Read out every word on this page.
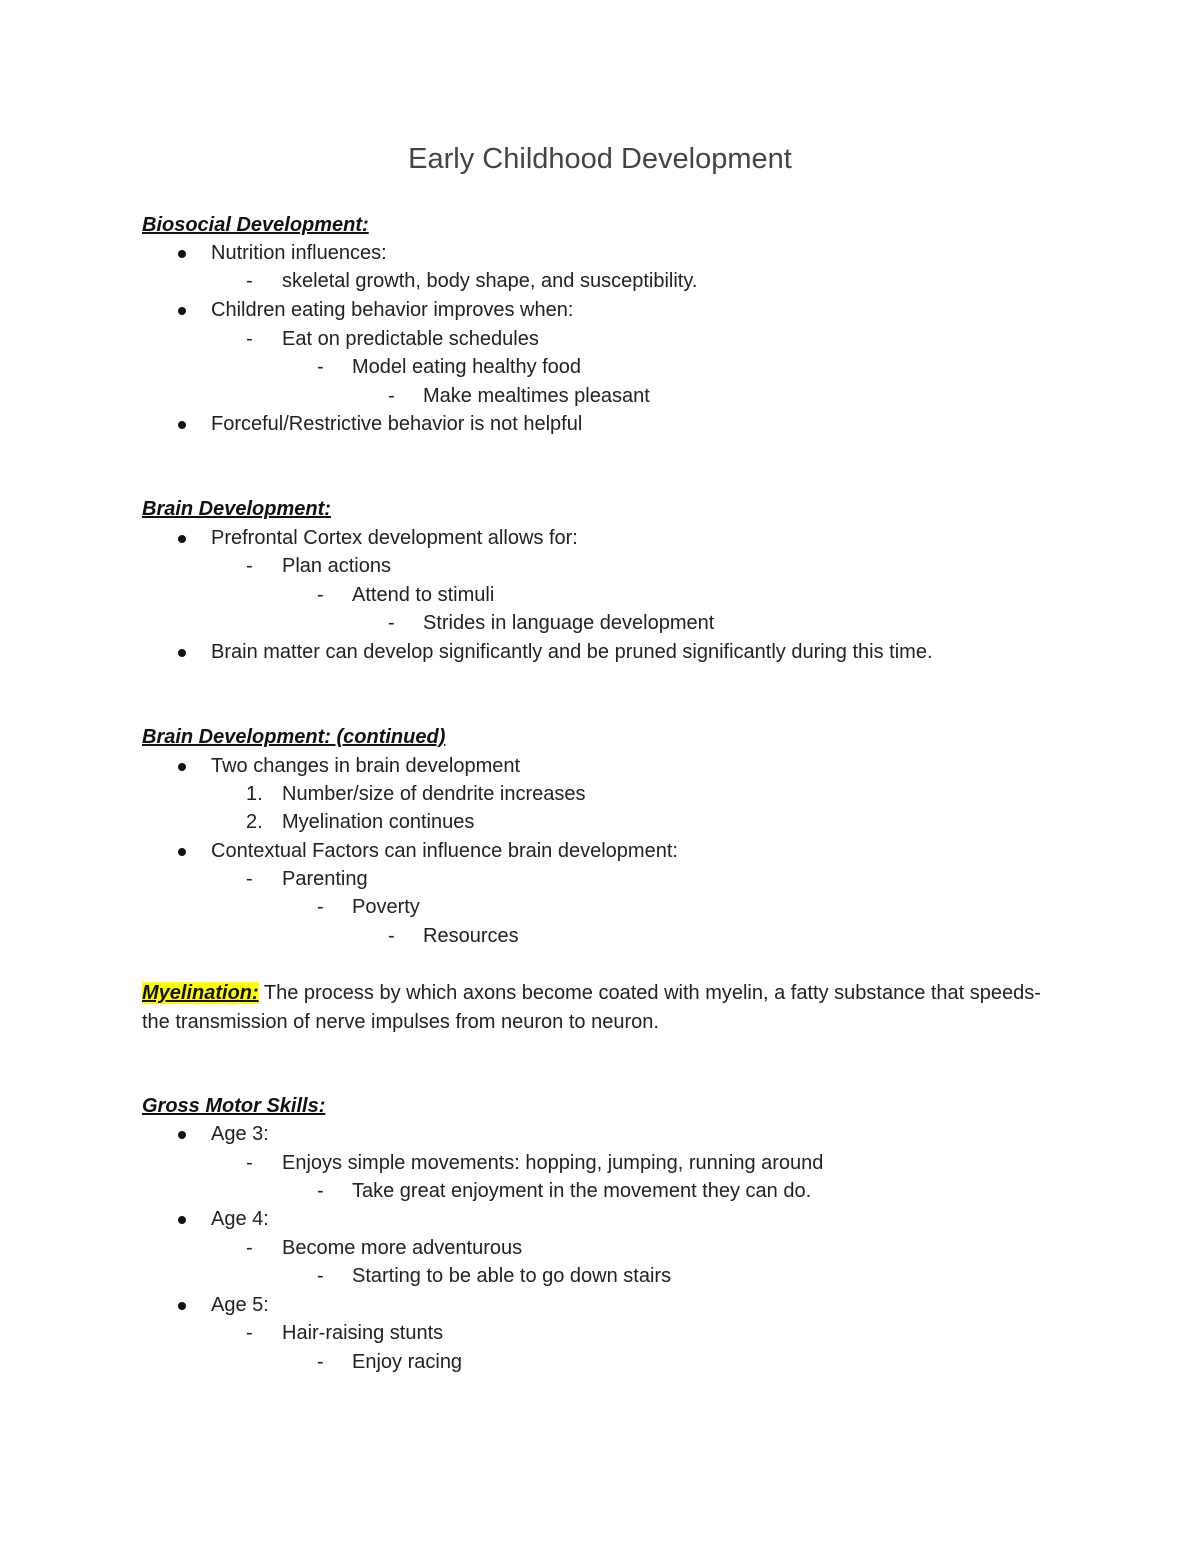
Early Childhood Development
Biosocial Development:
Nutrition influences:
- skeletal growth, body shape, and susceptibility.
Children eating behavior improves when:
- Eat on predictable schedules
- Model eating healthy food
- Make mealtimes pleasant
Forceful/Restrictive behavior is not helpful
Brain Development:
Prefrontal Cortex development allows for:
- Plan actions
- Attend to stimuli
- Strides in language development
Brain matter can develop significantly and be pruned significantly during this time.
Brain Development: (continued)
Two changes in brain development
1. Number/size of dendrite increases
2. Myelination continues
Contextual Factors can influence brain development:
- Parenting
- Poverty
- Resources
Myelination: The process by which axons become coated with myelin, a fatty substance that speeds-the transmission of nerve impulses from neuron to neuron.
Gross Motor Skills:
Age 3:
- Enjoys simple movements: hopping, jumping, running around
- Take great enjoyment in the movement they can do.
Age 4:
- Become more adventurous
- Starting to be able to go down stairs
Age 5:
- Hair-raising stunts
- Enjoy racing
